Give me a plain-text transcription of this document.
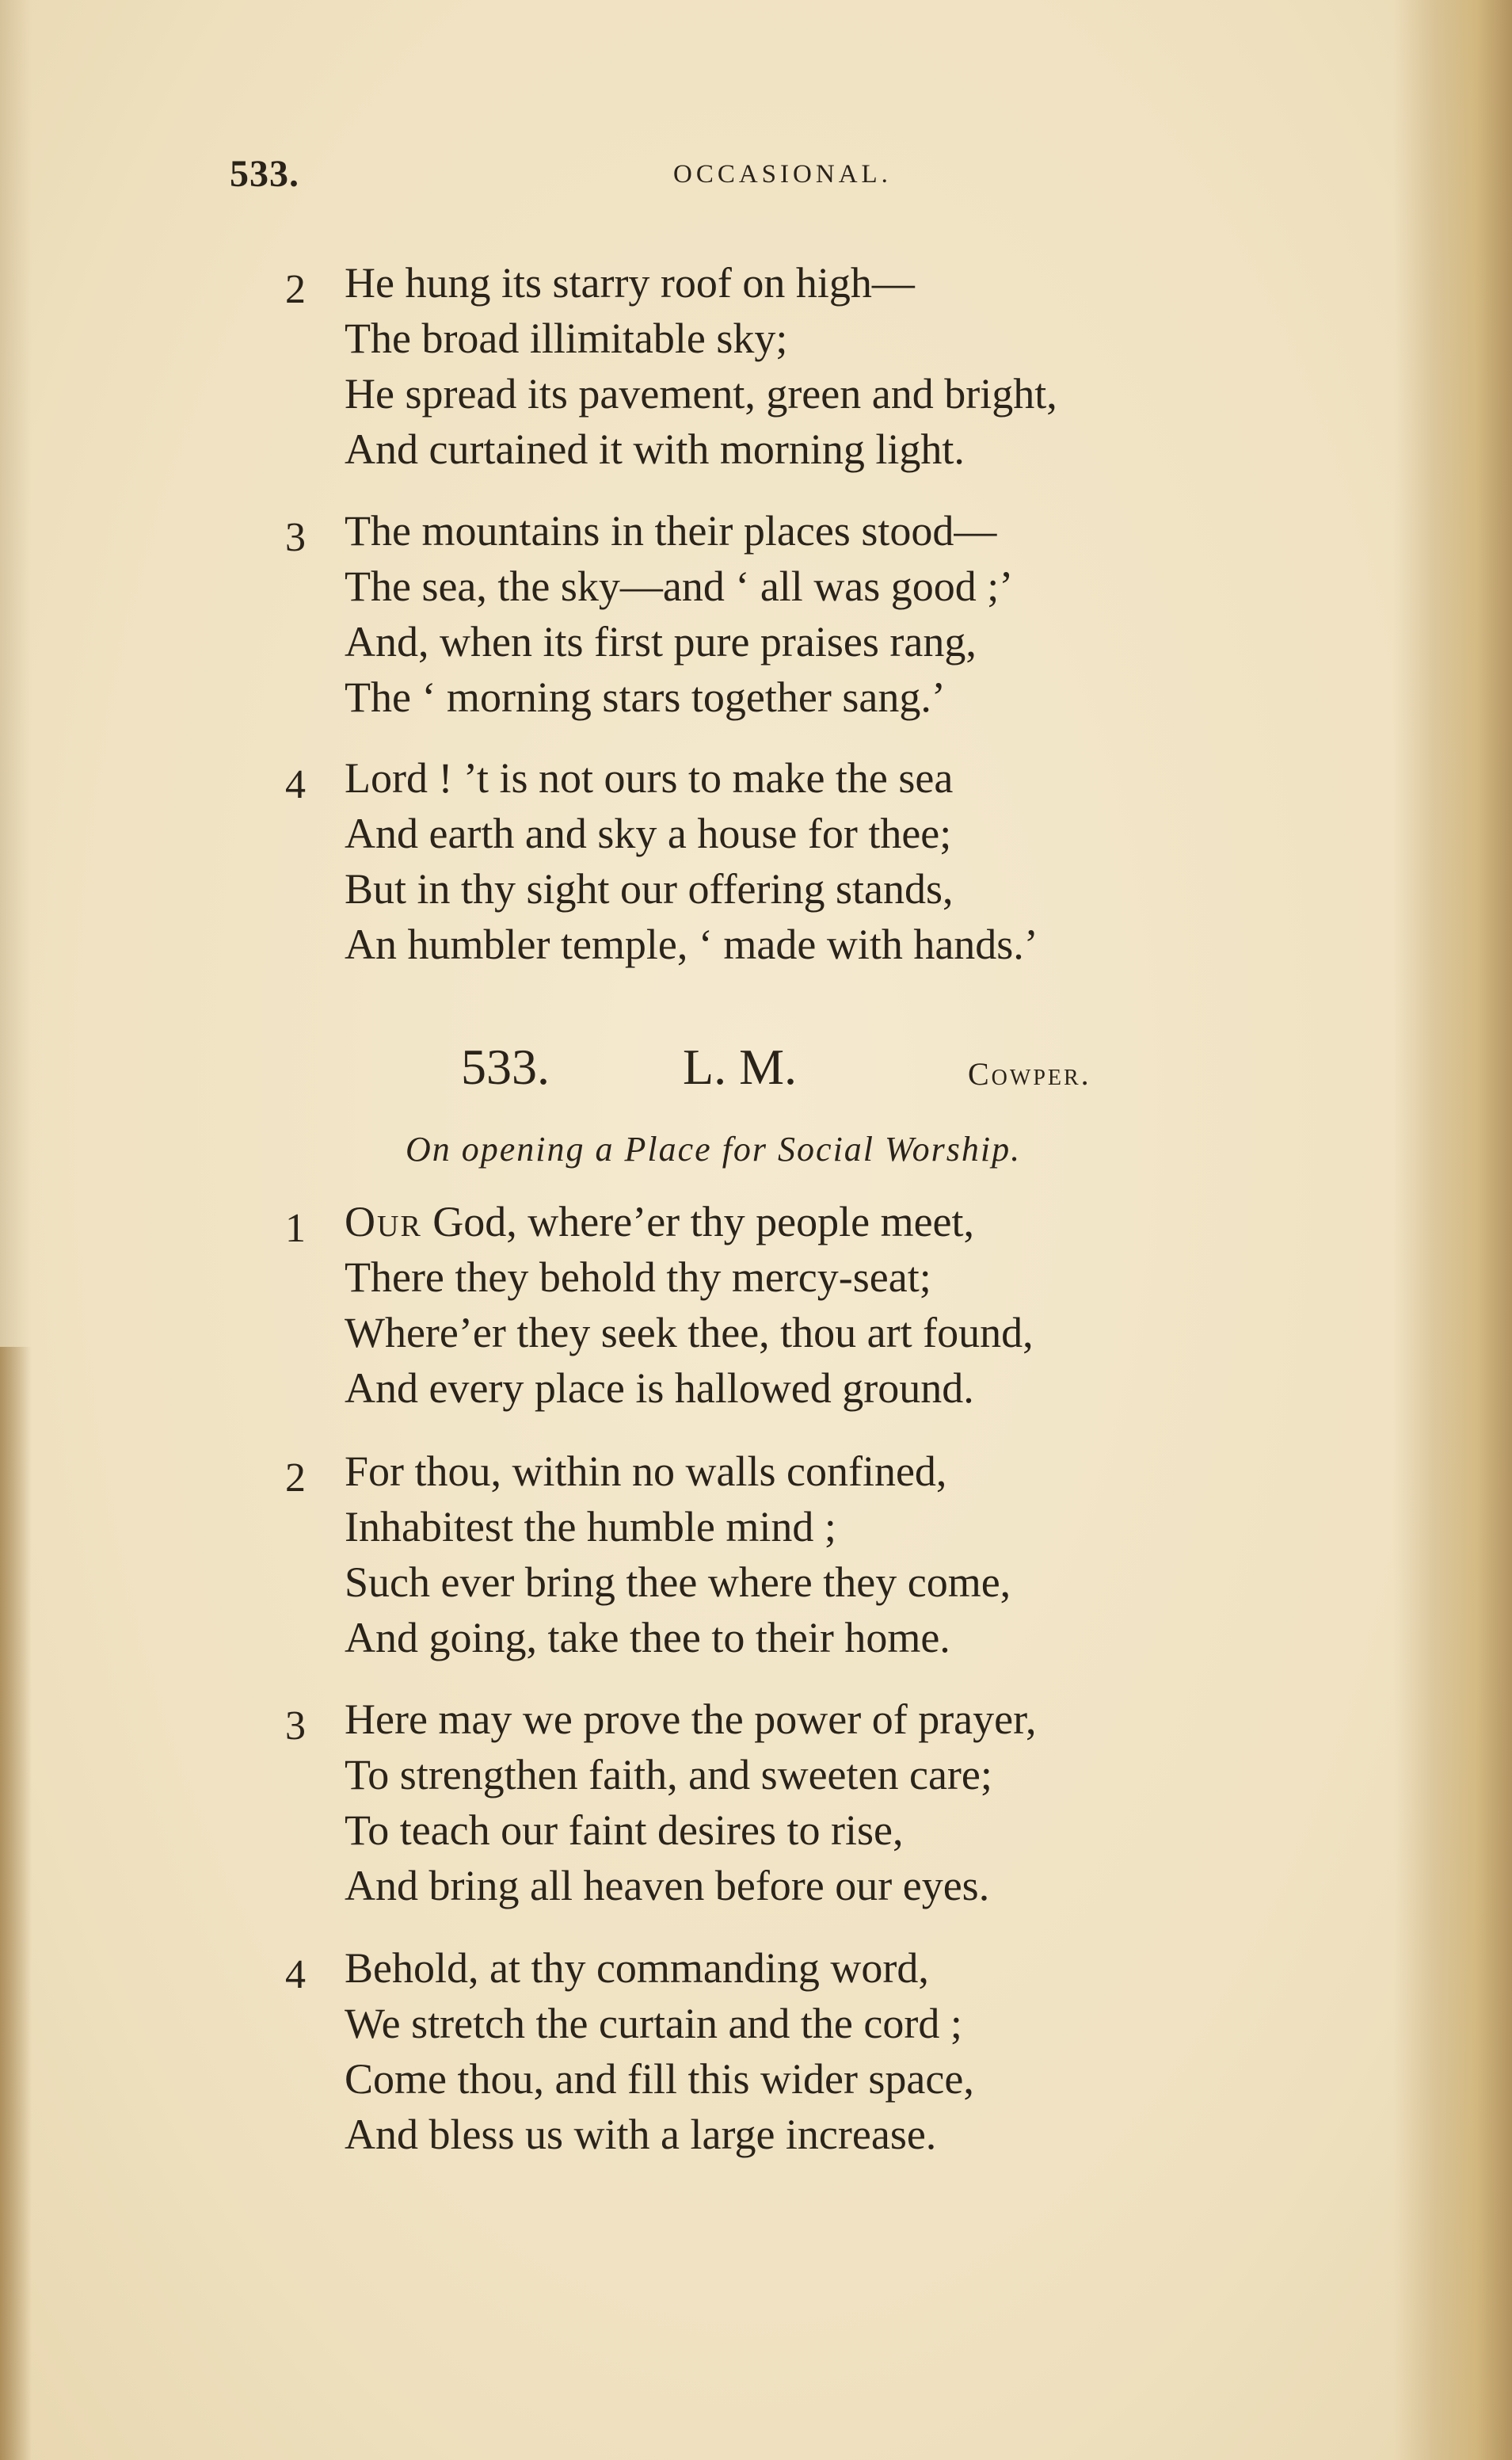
533.	OCCASIONAL.
2 He hung its starry roof on high—
The broad illimitable sky;
He spread its pavement, green and bright,
And curtained it with morning light.
3 The mountains in their places stood—
The sea, the sky—and ‘ all was good ;’
And, when its first pure praises rang,
The ‘ morning stars together sang.’
4 Lord ! ’t is not ours to make the sea
And earth and sky a house for thee;
But in thy sight our offering stands,
An humbler temple, ‘ made with hands.’
533.	L. M.	Cowper.
On opening a Place for Social Worship.
1 Our God, where’er thy people meet,
There they behold thy mercy-seat;
Where’er they seek thee, thou art found,
And every place is hallowed ground.
2 For thou, within no walls confined,
Inhabitest the humble mind ;
Such ever bring thee where they come,
And going, take thee to their home.
3 Here may we prove the power of prayer,
To strengthen faith, and sweeten care;
To teach our faint desires to rise,
And bring all heaven before our eyes.
4 Behold, at thy commanding word,
We stretch the curtain and the cord ;
Come thou, and fill this wider space,
And bless us with a large increase.
